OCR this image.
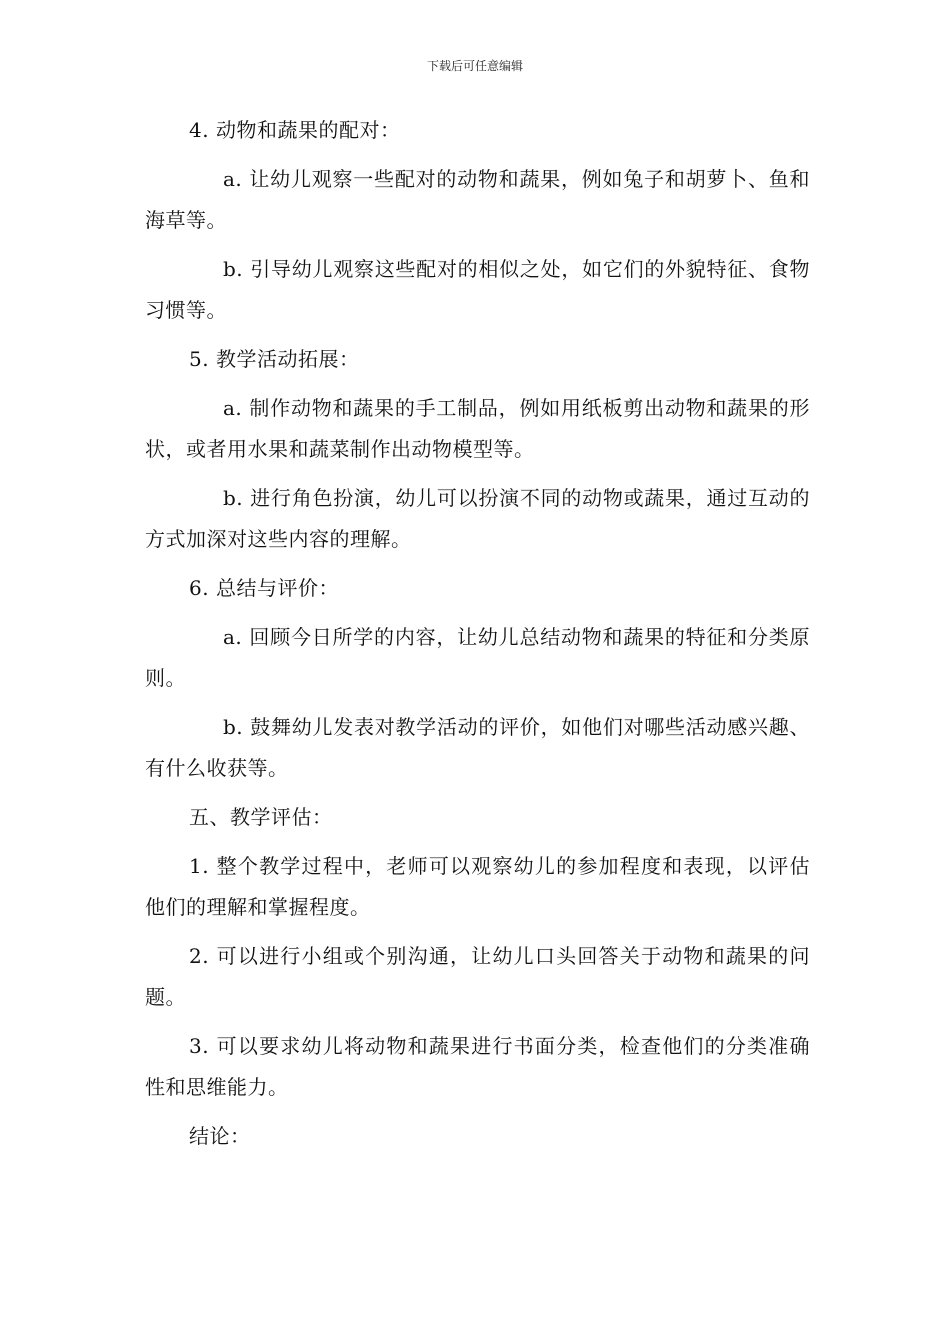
下载后可任意编辑

4. 动物和蔬果的配对：

a. 让幼儿观察一些配对的动物和蔬果，例如兔子和胡萝卜、鱼和海草等。

b. 引导幼儿观察这些配对的相似之处，如它们的外貌特征、食物习惯等。

5. 教学活动拓展：

a. 制作动物和蔬果的手工制品，例如用纸板剪出动物和蔬果的形状，或者用水果和蔬菜制作出动物模型等。

b. 进行角色扮演，幼儿可以扮演不同的动物或蔬果，通过互动的方式加深对这些内容的理解。

6. 总结与评价：

a. 回顾今日所学的内容，让幼儿总结动物和蔬果的特征和分类原则。

b. 鼓舞幼儿发表对教学活动的评价，如他们对哪些活动感兴趣、有什么收获等。

五、教学评估：

1. 整个教学过程中，老师可以观察幼儿的参加程度和表现，以评估他们的理解和掌握程度。

2. 可以进行小组或个别沟通，让幼儿口头回答关于动物和蔬果的问题。

3. 可以要求幼儿将动物和蔬果进行书面分类，检查他们的分类准确性和思维能力。

结论：
